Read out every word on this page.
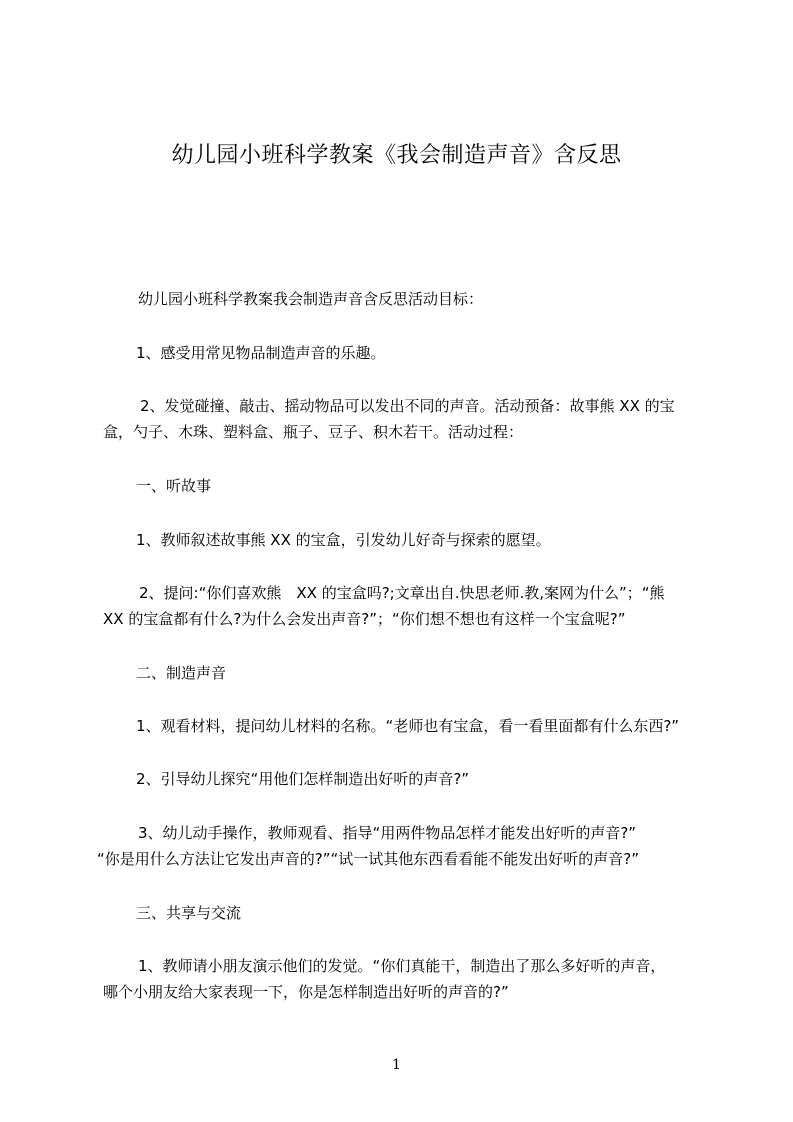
幼儿园小班科学教案《我会制造声音》含反思
幼儿园小班科学教案我会制造声音含反思活动目标：
1、感受用常见物品制造声音的乐趣。
2、发觉碰撞、敲击、摇动物品可以发出不同的声音。活动预备：故事熊 XX 的宝
盒，勺子、木珠、塑料盒、瓶子、豆子、积木若干。活动过程：
一、听故事
1、教师叙述故事熊 XX 的宝盒，引发幼儿好奇与探索的愿望。
2、提问:“你们喜欢熊　XX 的宝盒吗?;文章出自.快思老师.教,案网为什么”；“熊
XX 的宝盒都有什么?为什么会发出声音?”；“你们想不想也有这样一个宝盒呢?”
二、制造声音
1、观看材料，提问幼儿材料的名称。“老师也有宝盒，看一看里面都有什么东西?”
2、引导幼儿探究“用他们怎样制造出好听的声音?”
3、幼儿动手操作，教师观看、指导“用两件物品怎样才能发出好听的声音?”
“你是用什么方法让它发出声音的?”“试一试其他东西看看能不能发出好听的声音?”
三、共享与交流
1、教师请小朋友演示他们的发觉。“你们真能干，制造出了那么多好听的声音，
哪个小朋友给大家表现一下，你是怎样制造出好听的声音的?”
1
